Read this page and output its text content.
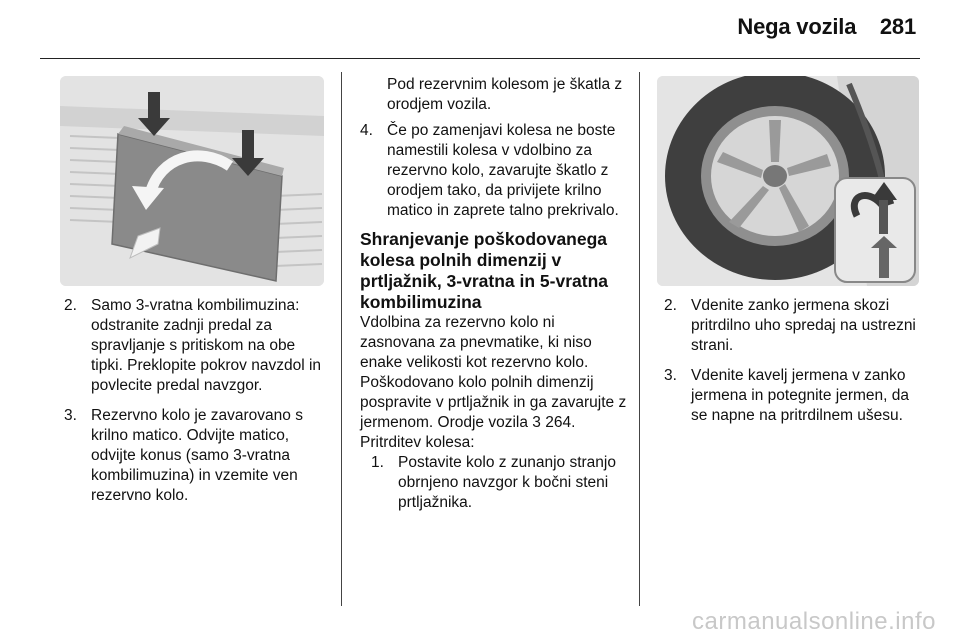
Nega vozila 281
2. Samo 3-vratna kombilimuzina: odstranite zadnji predal za spravljanje s pritiskom na obe tipki. Preklopite pokrov navzdol in povlecite predal navzgor.
3. Rezervno kolo je zavarovano s krilno matico. Odvijte matico, odvijte konus (samo 3-vratna kombilimuzina) in vzemite ven rezervno kolo.

Pod rezervnim kolesom je škatla z orodjem vozila.

4. Če po zamenjavi kolesa ne boste namestili kolesa v vdolbino za rezervno kolo, zavarujte škatlo z orodjem tako, da privijete krilno matico in zaprete talno prekrivalo.
Shranjevanje poškodovanega kolesa polnih dimenzij v prtljažnik, 3-vratna in 5-vratna kombilimuzina

Vdolbina za rezervno kolo ni zasnovana za pnevmatike, ki niso enake velikosti kot rezervno kolo. Poškodovano kolo polnih dimenzij pospravite v prtljažnik in ga zavarujte z jermenom. Orodje vozila 3 264.

Pritrditev kolesa:

1. Postavite kolo z zunanjo stranjo obrnjeno navzgor k bočni steni prtljažnika.
2. Vdenite zanko jermena skozi pritrdilno uho spredaj na ustrezni strani.
3. Vdenite kavelj jermena v zanko jermena in potegnite jermen, da se napne na pritrdilnem ušesu.
carmanualsonline.info
